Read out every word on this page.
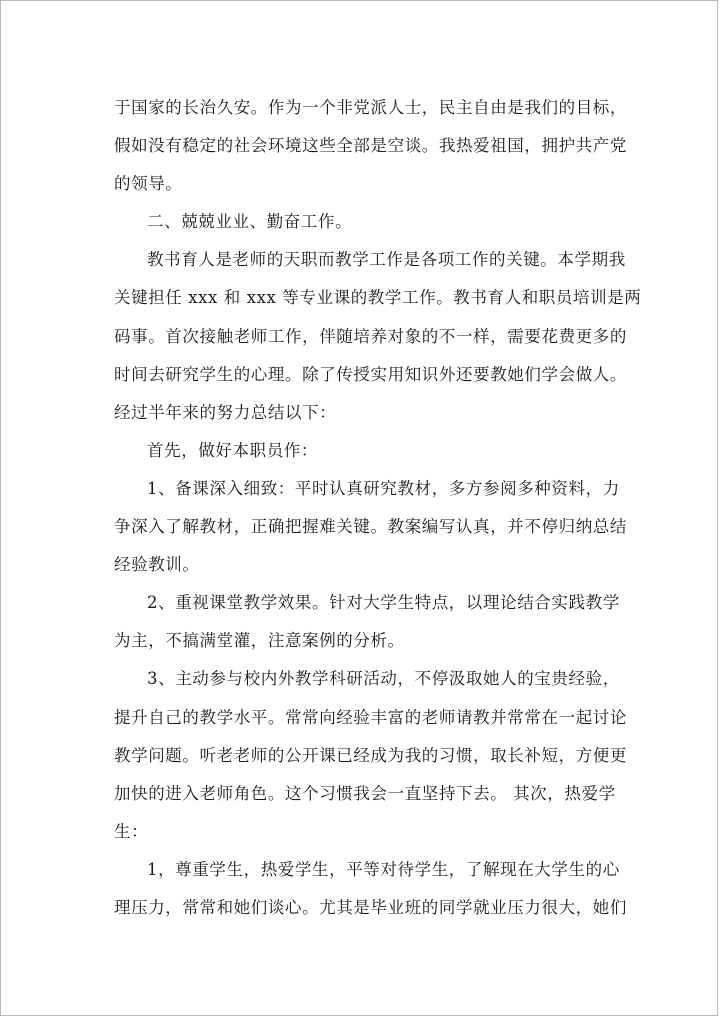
于国家的长治久安。作为一个非党派人士，民主自由是我们的目标，
假如没有稳定的社会环境这些全部是空谈。我热爱祖国，拥护共产党
的领导。
二、兢兢业业、勤奋工作。
教书育人是老师的天职而教学工作是各项工作的关键。本学期我
关键担任 xxx 和 xxx 等专业课的教学工作。教书育人和职员培训是两
码事。首次接触老师工作，伴随培养对象的不一样，需要花费更多的
时间去研究学生的心理。除了传授实用知识外还要教她们学会做人。
经过半年来的努力总结以下：
首先，做好本职员作：
1、备课深入细致：平时认真研究教材，多方参阅多种资料，力
争深入了解教材，正确把握难关键。教案编写认真，并不停归纳总结
经验教训。
2、重视课堂教学效果。针对大学生特点，以理论结合实践教学
为主，不搞满堂灌，注意案例的分析。
3、主动参与校内外教学科研活动，不停汲取她人的宝贵经验，
提升自己的教学水平。常常向经验丰富的老师请教并常常在一起讨论
教学问题。听老老师的公开课已经成为我的习惯，取长补短，方便更
加快的进入老师角色。这个习惯我会一直坚持下去。 其次，热爱学
生：
1，尊重学生，热爱学生，平等对待学生，了解现在大学生的心
理压力，常常和她们谈心。尤其是毕业班的同学就业压力很大，她们
